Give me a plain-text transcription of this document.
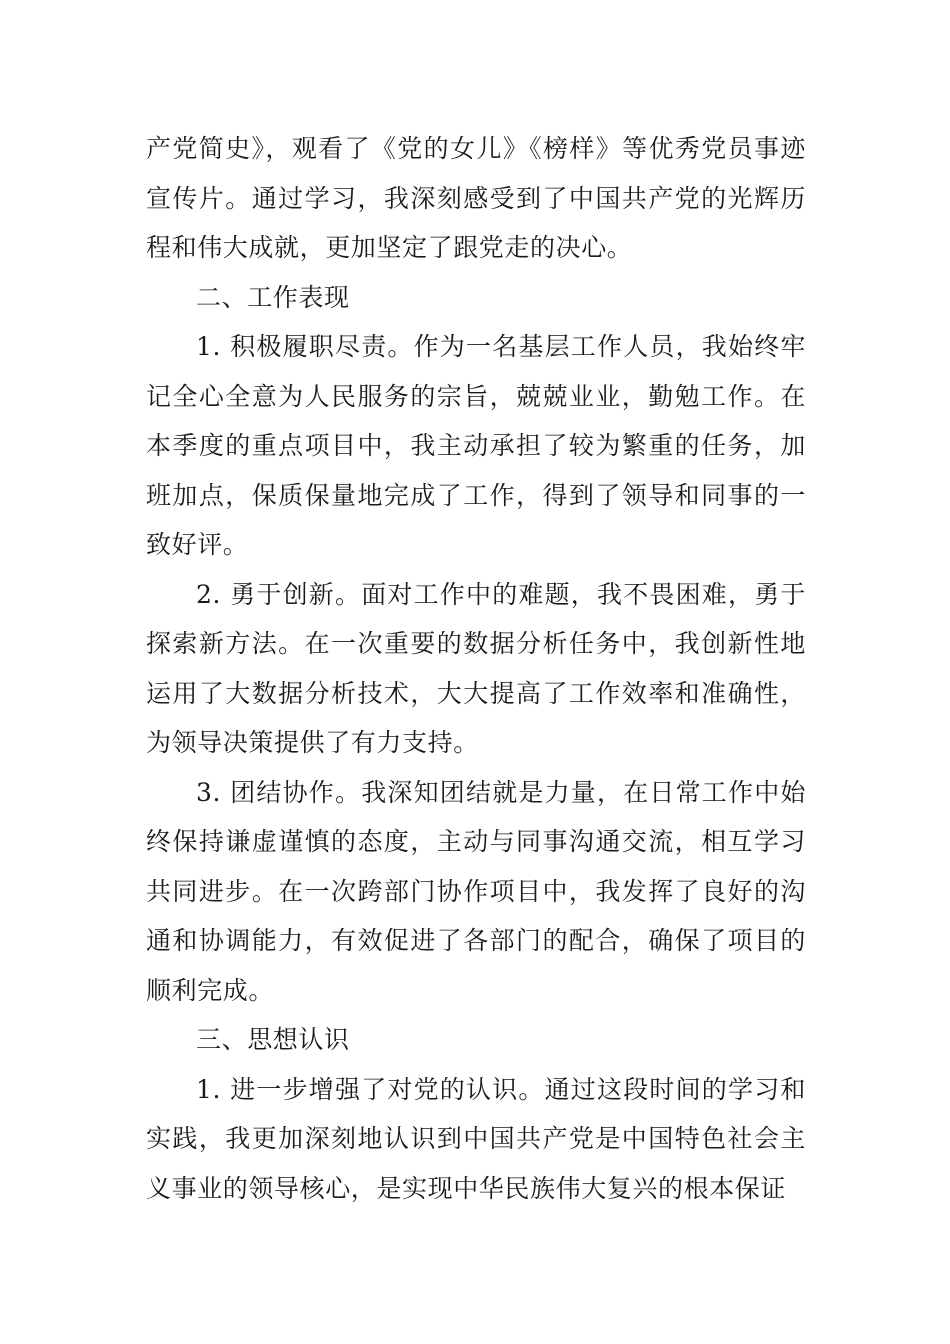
产党简史》，观看了《党的女儿》《榜样》等优秀党员事迹宣传片。通过学习，我深刻感受到了中国共产党的光辉历程和伟大成就，更加坚定了跟党走的决心。

二、工作表现

1. 积极履职尽责。作为一名基层工作人员，我始终牢记全心全意为人民服务的宗旨，兢兢业业，勤勉工作。在本季度的重点项目中，我主动承担了较为繁重的任务，加班加点，保质保量地完成了工作，得到了领导和同事的一致好评。

2. 勇于创新。面对工作中的难题，我不畏困难，勇于探索新方法。在一次重要的数据分析任务中，我创新性地运用了大数据分析技术，大大提高了工作效率和准确性，为领导决策提供了有力支持。

3. 团结协作。我深知团结就是力量，在日常工作中始终保持谦虚谨慎的态度，主动与同事沟通交流，相互学习共同进步。在一次跨部门协作项目中，我发挥了良好的沟通和协调能力，有效促进了各部门的配合，确保了项目的顺利完成。

三、思想认识

1. 进一步增强了对党的认识。通过这段时间的学习和实践，我更加深刻地认识到中国共产党是中国特色社会主义事业的领导核心，是实现中华民族伟大复兴的根本保证
